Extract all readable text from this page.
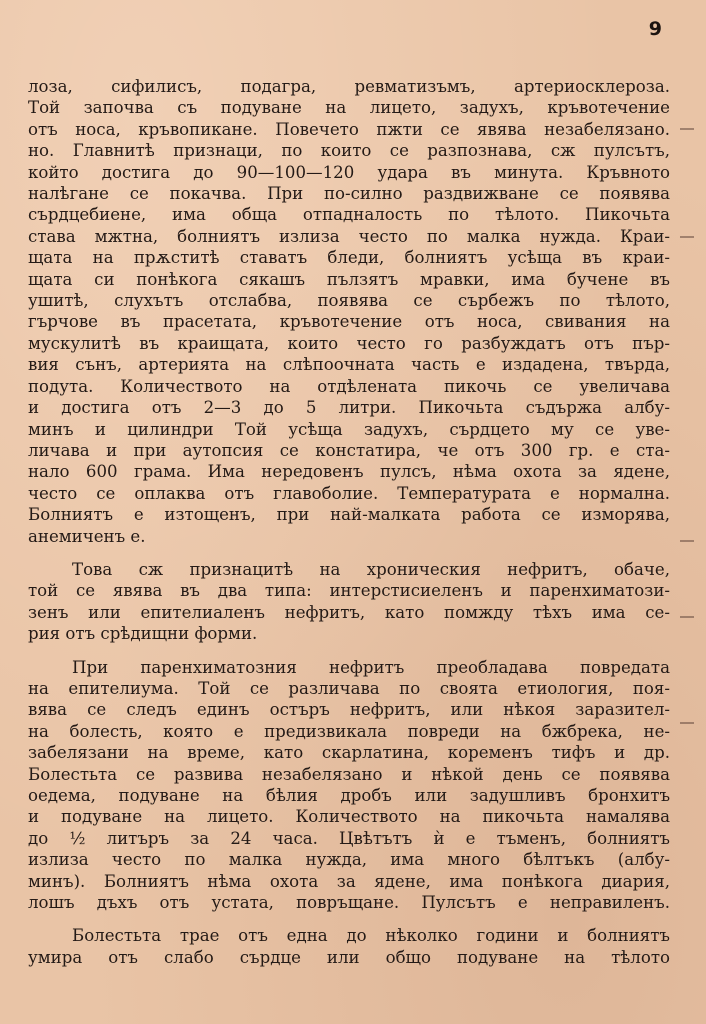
9

лоза, сифилисъ, подагра, ревматизъмъ, артериосклероза.
Той започва съ подуване на лицето, задухъ, кръвотечение
отъ носа, кръвопикане. Повечето пжти се явява незабелязано.
но. Главнитѣ признаци, по които се разпознава, сж пулсътъ,
който достига до 90—100—120 удара въ минута. Кръвното
налѣгане се покачва. При по-силно раздвижване се появява
сърдцебиене, има обща отпадналость по тѣлото. Пикочьта
става мжтна, болниятъ излиза често по малка нужда. Краи-
щата на прѫститѣ ставатъ бледи, болниятъ усѣща въ краи-
щата си понѣкога сякашъ пълзятъ мравки, има бучене въ
ушитѣ, слухътъ отслабва, появява се сърбежъ по тѣлото,
гърчове въ прасетата, кръвотечение отъ носа, свивания на
мускулитѣ въ краищата, които често го разбуждатъ отъ пър-
вия сънъ, артерията на слѣпоочната часть е издадена, твърда,
подута. Количеството на отдѣлената пикочь се увеличава
и достига отъ 2—3 до 5 литри. Пикочьта съдържа албу-
минъ и цилиндри Той усѣща задухъ, сърдцето му се уве-
личава и при аутопсия се констатира, че отъ 300 гр. е ста-
нало 600 грама. Има нередовенъ пулсъ, нѣма охота за ядене,
често се оплаква отъ главоболие. Температурата е нормална.
Болниятъ е изтощенъ, при най-малката работа се изморява,
анемиченъ е.

Това сж признацитѣ на хроническия нефритъ, обаче,
той се явява въ два типа: интерстисиеленъ и паренхиматози-
зенъ или епителиаленъ нефритъ, като помжду тѣхъ има се-
рия отъ срѣдищни форми.

При паренхиматозния нефритъ преобладава повредата
на епителиума. Той се различава по своята етиология, поя-
вява се следъ единъ остъръ нефритъ, или нѣкоя заразител-
на болесть, която е предизвикала повреди на бжбрека, не-
забелязани на време, като скарлатина, коременъ тифъ и др.
Болестьта се развива незабелязано и нѣкой день се появява
оедема, подуване на бѣлия дробъ или задушливъ бронхитъ
и подуване на лицето. Количеството на пикочьта намалява
до ½ литъръ за 24 часа. Цвѣтътъ ѝ е тъменъ, болниятъ
излиза често по малка нужда, има много бѣлтъкъ (албу-
минъ). Болниятъ нѣма охота за ядене, има понѣкога диария,
лошъ дъхъ отъ устата, повръщане. Пулсътъ е неправиленъ.

Болестьта трае отъ една до нѣколко години и болниятъ
умира отъ слабо сърдце или общо подуване на тѣлото
